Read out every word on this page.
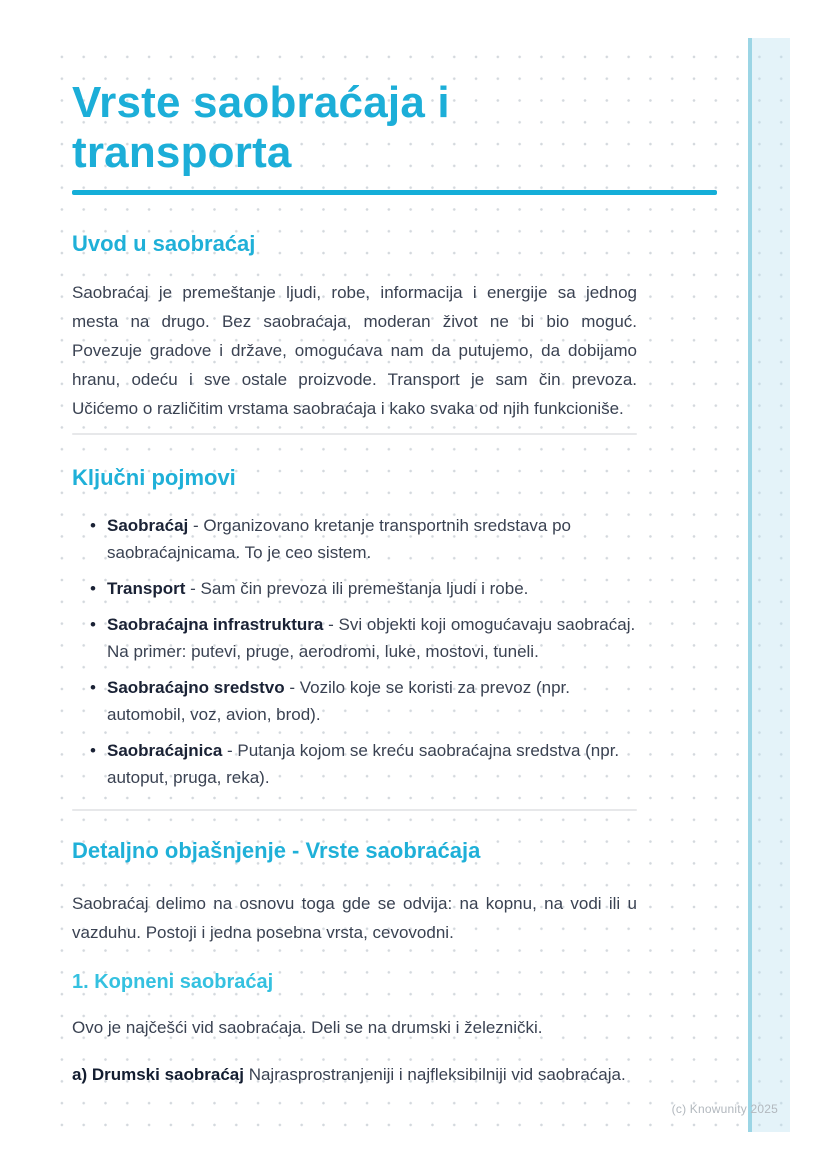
Vrste saobraćaja i
transporta
Uvod u saobraćaj
Saobraćaj je premeštanje ljudi, robe, informacija i energije sa jednog mesta na drugo. Bez saobraćaja, moderan život ne bi bio moguć. Povezuje gradove i države, omogućava nam da putujemo, da dobijamo hranu, odeću i sve ostale proizvode. Transport je sam čin prevoza. Učićemo o različitim vrstama saobraćaja i kako svaka od njih funkcioniše.
Ključni pojmovi
• Saobraćaj - Organizovano kretanje transportnih sredstava po saobraćajnicama. To je ceo sistem.
• Transport - Sam čin prevoza ili premeštanja ljudi i robe.
• Saobraćajna infrastruktura - Svi objekti koji omogućavaju saobraćaj. Na primer: putevi, pruge, aerodromi, luke, mostovi, tuneli.
• Saobraćajno sredstvo - Vozilo koje se koristi za prevoz (npr. automobil, voz, avion, brod).
• Saobraćajnica - Putanja kojom se kreću saobraćajna sredstva (npr. autoput, pruga, reka).
Detaljno objašnjenje - Vrste saobraćaja
Saobraćaj delimo na osnovu toga gde se odvija: na kopnu, na vodi ili u vazduhu. Postoji i jedna posebna vrsta, cevovodni.
1. Kopneni saobraćaj
Ovo je najčešći vid saobraćaja. Deli se na drumski i železnički.
a) Drumski saobraćaj Najrasprostranjeniji i najfleksibilniji vid saobraćaja.
(c) Knowunity 2025
